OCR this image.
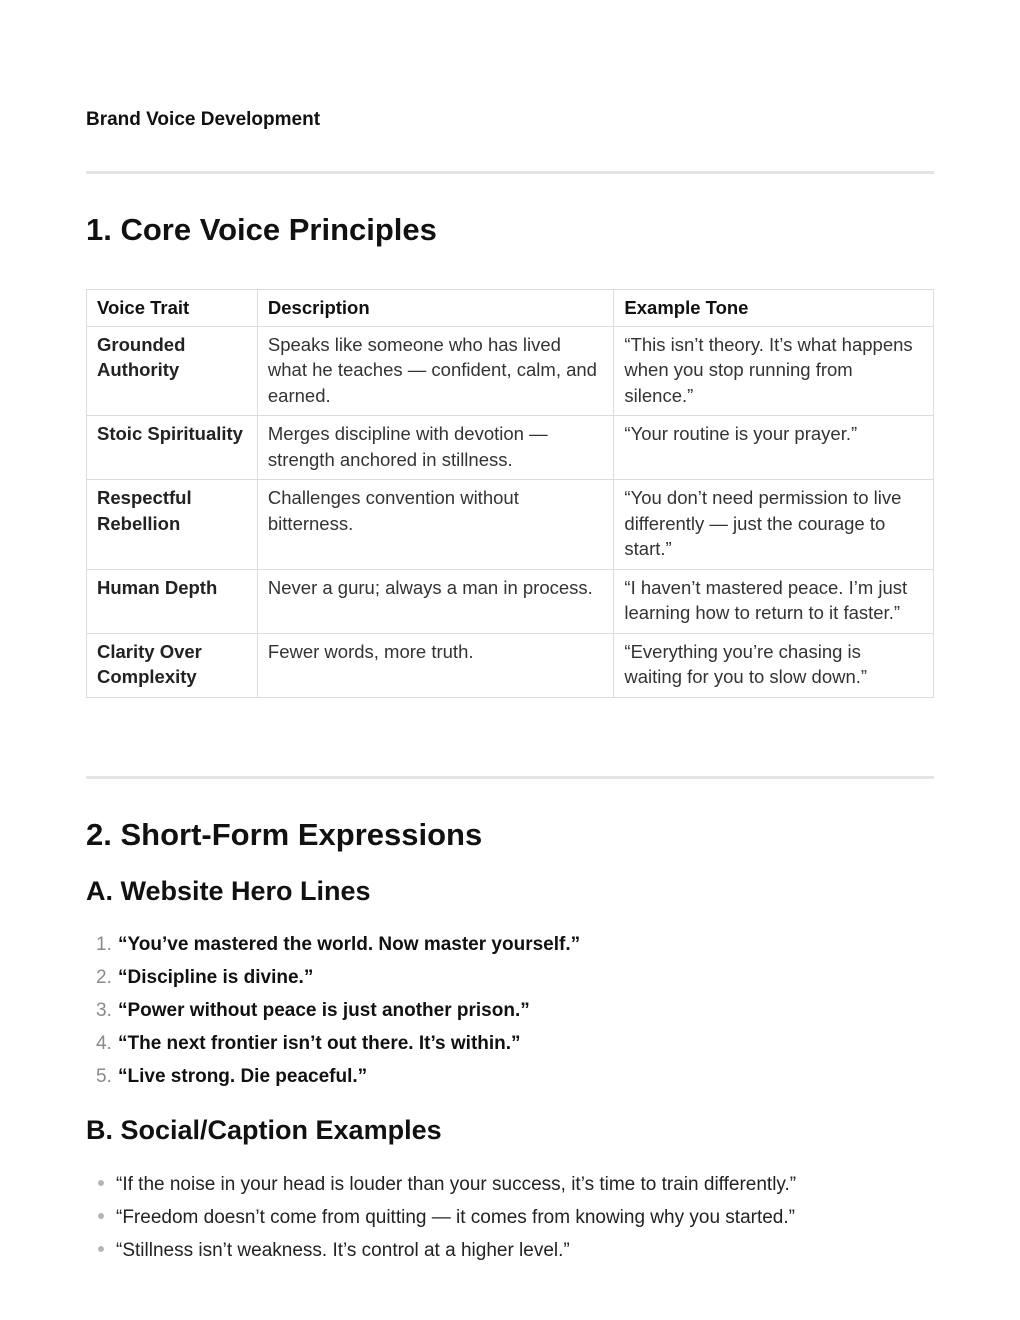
Brand Voice Development
1. Core Voice Principles
Voice Trait	Description	Example Tone
Grounded Authority	Speaks like someone who has lived what he teaches — confident, calm, and earned.	“This isn’t theory. It’s what happens when you stop running from silence.”
Stoic Spirituality	Merges discipline with devotion — strength anchored in stillness.	“Your routine is your prayer.”
Respectful Rebellion	Challenges convention without bitterness.	“You don’t need permission to live differently — just the courage to start.”
Human Depth	Never a guru; always a man in process.	“I haven’t mastered peace. I’m just learning how to return to it faster.”
Clarity Over Complexity	Fewer words, more truth.	“Everything you’re chasing is waiting for you to slow down.”
2. Short-Form Expressions
A. Website Hero Lines
1. “You’ve mastered the world. Now master yourself.”
2. “Discipline is divine.”
3. “Power without peace is just another prison.”
4. “The next frontier isn’t out there. It’s within.”
5. “Live strong. Die peaceful.”
B. Social/Caption Examples
“If the noise in your head is louder than your success, it’s time to train differently.”
“Freedom doesn’t come from quitting — it comes from knowing why you started.”
“Stillness isn’t weakness. It’s control at a higher level.”
